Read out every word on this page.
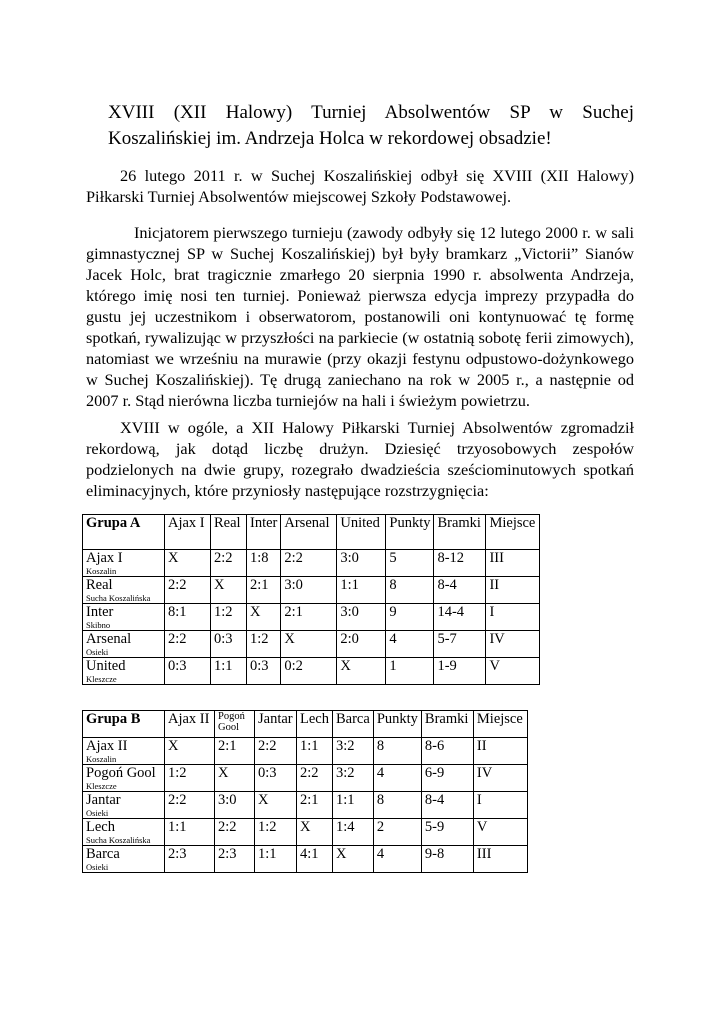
XVIII (XII Halowy) Turniej Absolwentów SP w Suchej Koszalińskiej im. Andrzeja Holca w rekordowej obsadzie!

26 lutego 2011 r. w Suchej Koszalińskiej odbył się XVIII (XII Halowy) Piłkarski Turniej Absolwentów miejscowej Szkoły Podstawowej.

Inicjatorem pierwszego turnieju (zawody odbyły się 12 lutego 2000 r. w sali gimnastycznej SP w Suchej Koszalińskiej) był były bramkarz „Victorii” Sianów Jacek Holc, brat tragicznie zmarłego 20 sierpnia 1990 r. absolwenta Andrzeja, którego imię nosi ten turniej. Ponieważ pierwsza edycja imprezy przypadła do gustu jej uczestnikom i obserwatorom, postanowili oni kontynuować tę formę spotkań, rywalizując w przyszłości na parkiecie (w ostatnią sobotę ferii zimowych), natomiast we wrześniu na murawie (przy okazji festynu odpustowo-dożynkowego w Suchej Koszalińskiej). Tę drugą zaniechano na rok w 2005 r., a następnie od 2007 r. Stąd nierówna liczba turniejów na hali i świeżym powietrzu.

XVIII w ogóle, a XII Halowy Piłkarski Turniej Absolwentów zgromadził rekordową, jak dotąd liczbę drużyn. Dziesięć trzyosobowych zespołów podzielonych na dwie grupy, rozegrało dwadzieścia sześciominutowych spotkań eliminacyjnych, które przyniosły następujące rozstrzygnięcia:

Grupa A	Ajax I	Real	Inter	Arsenal	United	Punkty	Bramki	Miejsce
Ajax I
Koszalin	X	2:2	1:8	2:2	3:0	5	8-12	III
Real
Sucha Koszalińska	2:2	X	2:1	3:0	1:1	8	8-4	II
Inter
Skibno	8:1	1:2	X	2:1	3:0	9	14-4	I
Arsenal
Osieki	2:2	0:3	1:2	X	2:0	4	5-7	IV
United
Kleszcze	0:3	1:1	0:3	0:2	X	1	1-9	V
Grupa B	Ajax II	Pogoń Gool	Jantar	Lech	Barca	Punkty	Bramki	Miejsce
Ajax II
Koszalin	X	2:1	2:2	1:1	3:2	8	8-6	II
Pogoń Gool
Kleszcze	1:2	X	0:3	2:2	3:2	4	6-9	IV
Jantar
Osieki	2:2	3:0	X	2:1	1:1	8	8-4	I
Lech
Sucha Koszalińska	1:1	2:2	1:2	X	1:4	2	5-9	V
Barca
Osieki	2:3	2:3	1:1	4:1	X	4	9-8	III
